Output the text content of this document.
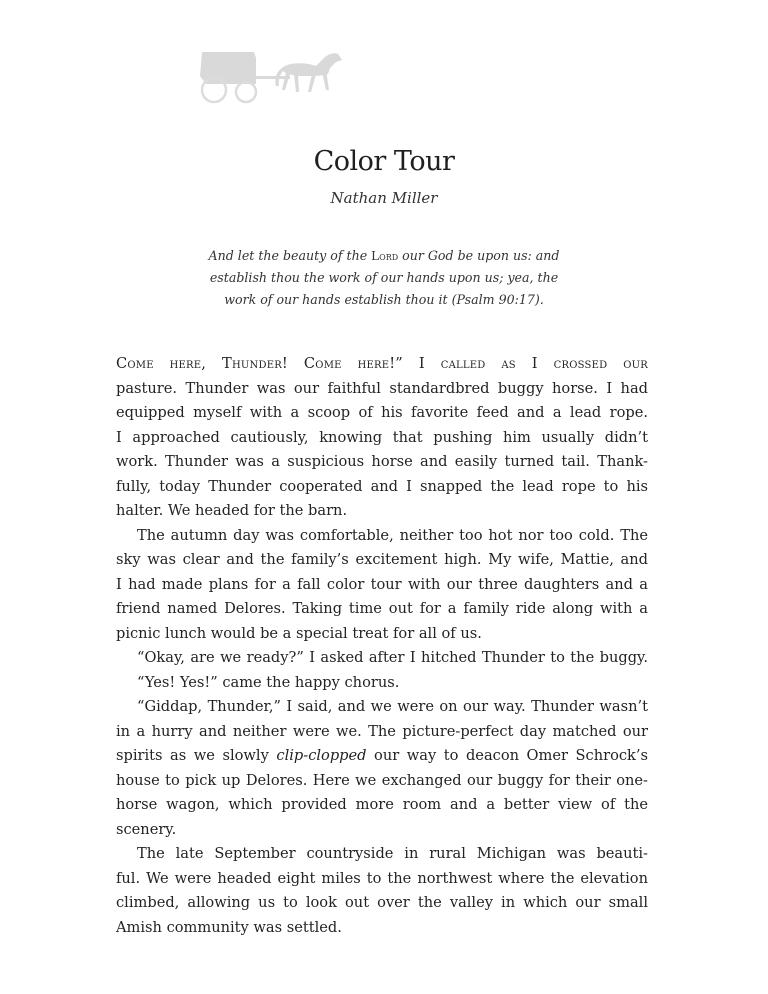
Color Tour
Nathan Miller

And let the beauty of the Lord our God be upon us: and

establish thou the work of our hands upon us; yea, the

work of our hands establish thou it (Psalm 90:17).

Come here, Thunder! Come here!” I called as I crossed our
pasture. Thunder was our faithful standardbred buggy horse. I had
equipped myself with a scoop of his favorite feed and a lead rope.
I approached cautiously, knowing that pushing him usually didn’t
work. Thunder was a suspicious horse and easily turned tail. Thank-
fully, today Thunder cooperated and I snapped the lead rope to his
halter. We headed for the barn.
The autumn day was comfortable, neither too hot nor too cold. The
sky was clear and the family’s excitement high. My wife, Mattie, and
I had made plans for a fall color tour with our three daughters and a
friend named Delores. Taking time out for a family ride along with a
picnic lunch would be a special treat for all of us.
“Okay, are we ready?” I asked after I hitched Thunder to the buggy.
“Yes! Yes!” came the happy chorus.
“Giddap, Thunder,” I said, and we were on our way. Thunder wasn’t
in a hurry and neither were we. The picture-perfect day matched our
spirits as we slowly clip-clopped our way to deacon Omer Schrock’s
house to pick up Delores. Here we exchanged our buggy for their one-
horse wagon, which provided more room and a better view of the
scenery.
The late September countryside in rural Michigan was beauti-
ful. We were headed eight miles to the northwest where the elevation
climbed, allowing us to look out over the valley in which our small
Amish community was settled.
